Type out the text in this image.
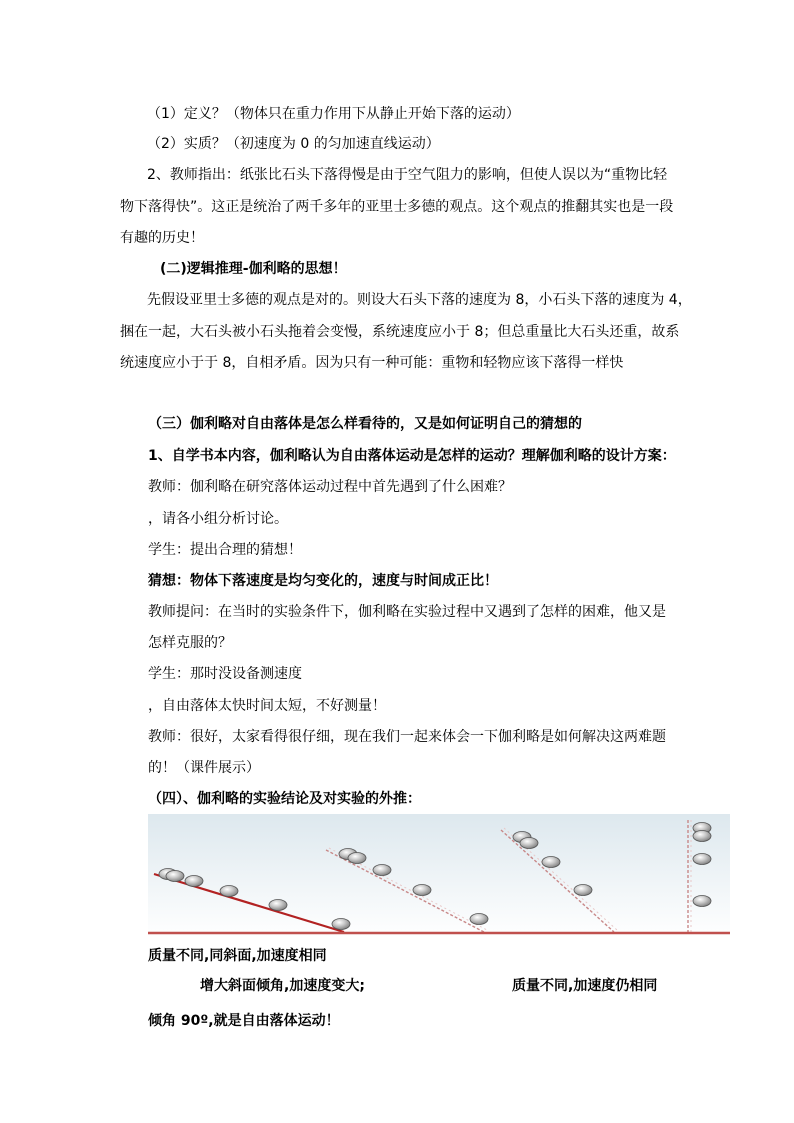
（1）定义？（物体只在重力作用下从静止开始下落的运动）
（2）实质？（初速度为 0 的匀加速直线运动）
2、教师指出：纸张比石头下落得慢是由于空气阻力的影响，但使人误以为“重物比轻
物下落得快”。这正是统治了两千多年的亚里士多德的观点。这个观点的推翻其实也是一段
有趣的历史！
(二)逻辑推理-伽利略的思想！
先假设亚里士多德的观点是对的。则设大石头下落的速度为 8，小石头下落的速度为 4，
捆在一起，大石头被小石头拖着会变慢，系统速度应小于 8；但总重量比大石头还重，故系
统速度应小于于 8，自相矛盾。因为只有一种可能：重物和轻物应该下落得一样快
（三）伽利略对自由落体是怎么样看待的，又是如何证明自己的猜想的
1、自学书本内容，伽利略认为自由落体运动是怎样的运动？理解伽利略的设计方案：
教师：伽利略在研究落体运动过程中首先遇到了什么困难？
，请各小组分析讨论。
学生：提出合理的猜想！
猜想：物体下落速度是均匀变化的，速度与时间成正比！
教师提问：在当时的实验条件下，伽利略在实验过程中又遇到了怎样的困难，他又是
怎样克服的？
学生：那时没设备测速度
，自由落体太快时间太短，不好测量！
教师：很好，太家看得很仔细，现在我们一起来体会一下伽利略是如何解决这两难题
的！（课件展示）
（四）、伽利略的实验结论及对实验的外推：
质量不同,同斜面,加速度相同
增大斜面倾角,加速度变大;	质量不同,加速度仍相同
倾角 90º,就是自由落体运动！
